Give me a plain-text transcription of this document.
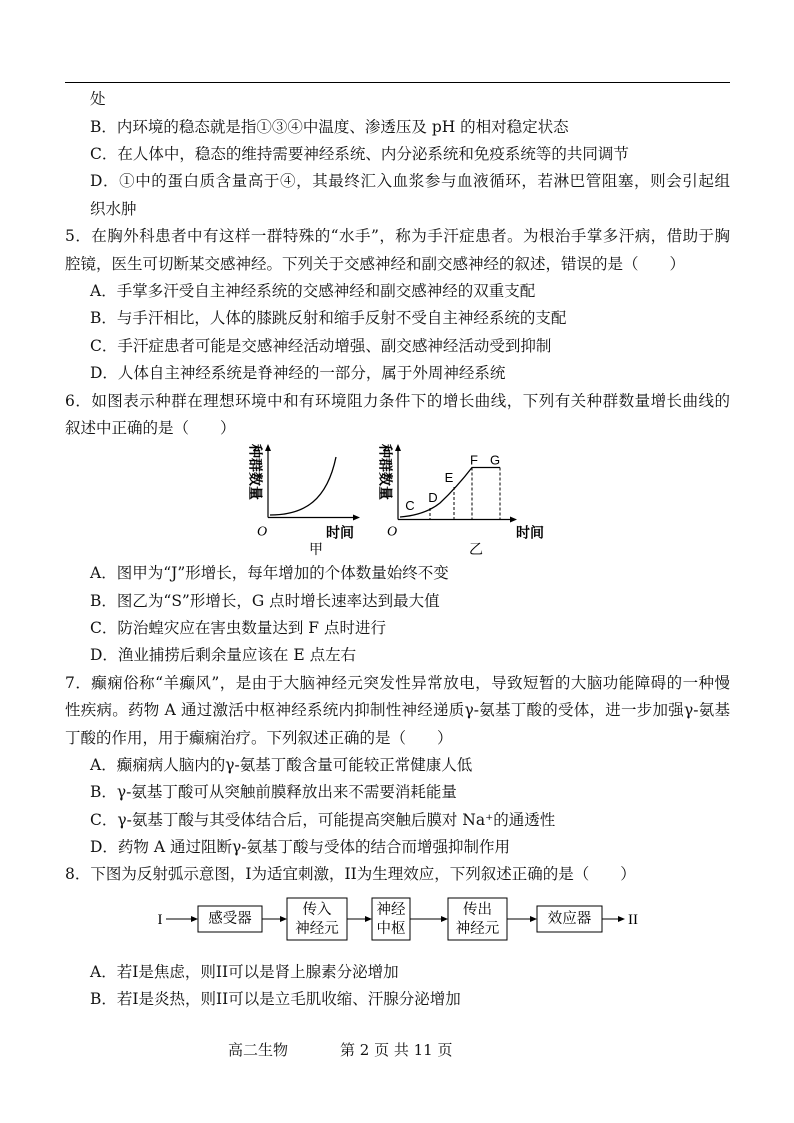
处
B．内环境的稳态就是指①③④中温度、渗透压及 pH 的相对稳定状态
C．在人体中，稳态的维持需要神经系统、内分泌系统和免疫系统等的共同调节
D．①中的蛋白质含量高于④，其最终汇入血浆参与血液循环，若淋巴管阻塞，则会引起组
织水肿
5．在胸外科患者中有这样一群特殊的“水手”，称为手汗症患者。为根治手掌多汗病，借助于胸
腔镜，医生可切断某交感神经。下列关于交感神经和副交感神经的叙述，错误的是（　　）
A．手掌多汗受自主神经系统的交感神经和副交感神经的双重支配
B．与手汗相比，人体的膝跳反射和缩手反射不受自主神经系统的支配
C．手汗症患者可能是交感神经活动增强、副交感神经活动受到抑制
D．人体自主神经系统是脊神经的一部分，属于外周神经系统
6．如图表示种群在理想环境中和有环境阻力条件下的增长曲线，下列有关种群数量增长曲线的
叙述中正确的是（　　）
种群数量
O	时间
甲
C
D
E
F G
种群数量
O	时间
乙
A．图甲为“J”形增长，每年增加的个体数量始终不变
B．图乙为“S”形增长，G 点时增长速率达到最大值
C．防治蝗灾应在害虫数量达到 F 点时进行
D．渔业捕捞后剩余量应该在 E 点左右
7．癫痫俗称“羊癫风”，是由于大脑神经元突发性异常放电，导致短暂的大脑功能障碍的一种慢
性疾病。药物 A 通过激活中枢神经系统内抑制性神经递质γ-氨基丁酸的受体，进一步加强γ-氨基
丁酸的作用，用于癫痫治疗。下列叙述正确的是（　　）
A．癫痫病人脑内的γ-氨基丁酸含量可能较正常健康人低
B．γ-氨基丁酸可从突触前膜释放出来不需要消耗能量
C．γ-氨基丁酸与其受体结合后，可能提高突触后膜对 Na⁺的通透性
D．药物 A 通过阻断γ-氨基丁酸与受体的结合而增强抑制作用
8．下图为反射弧示意图，I为适宜刺激，II为生理效应，下列叙述正确的是（　　）
I	感受器
传入
神经元
神经
中枢
传出
神经元
效应器 II
A．若I是焦虑，则II可以是肾上腺素分泌增加
B．若I是炎热，则II可以是立毛肌收缩、汗腺分泌增加
高二生物	第 2 页 共 11 页
